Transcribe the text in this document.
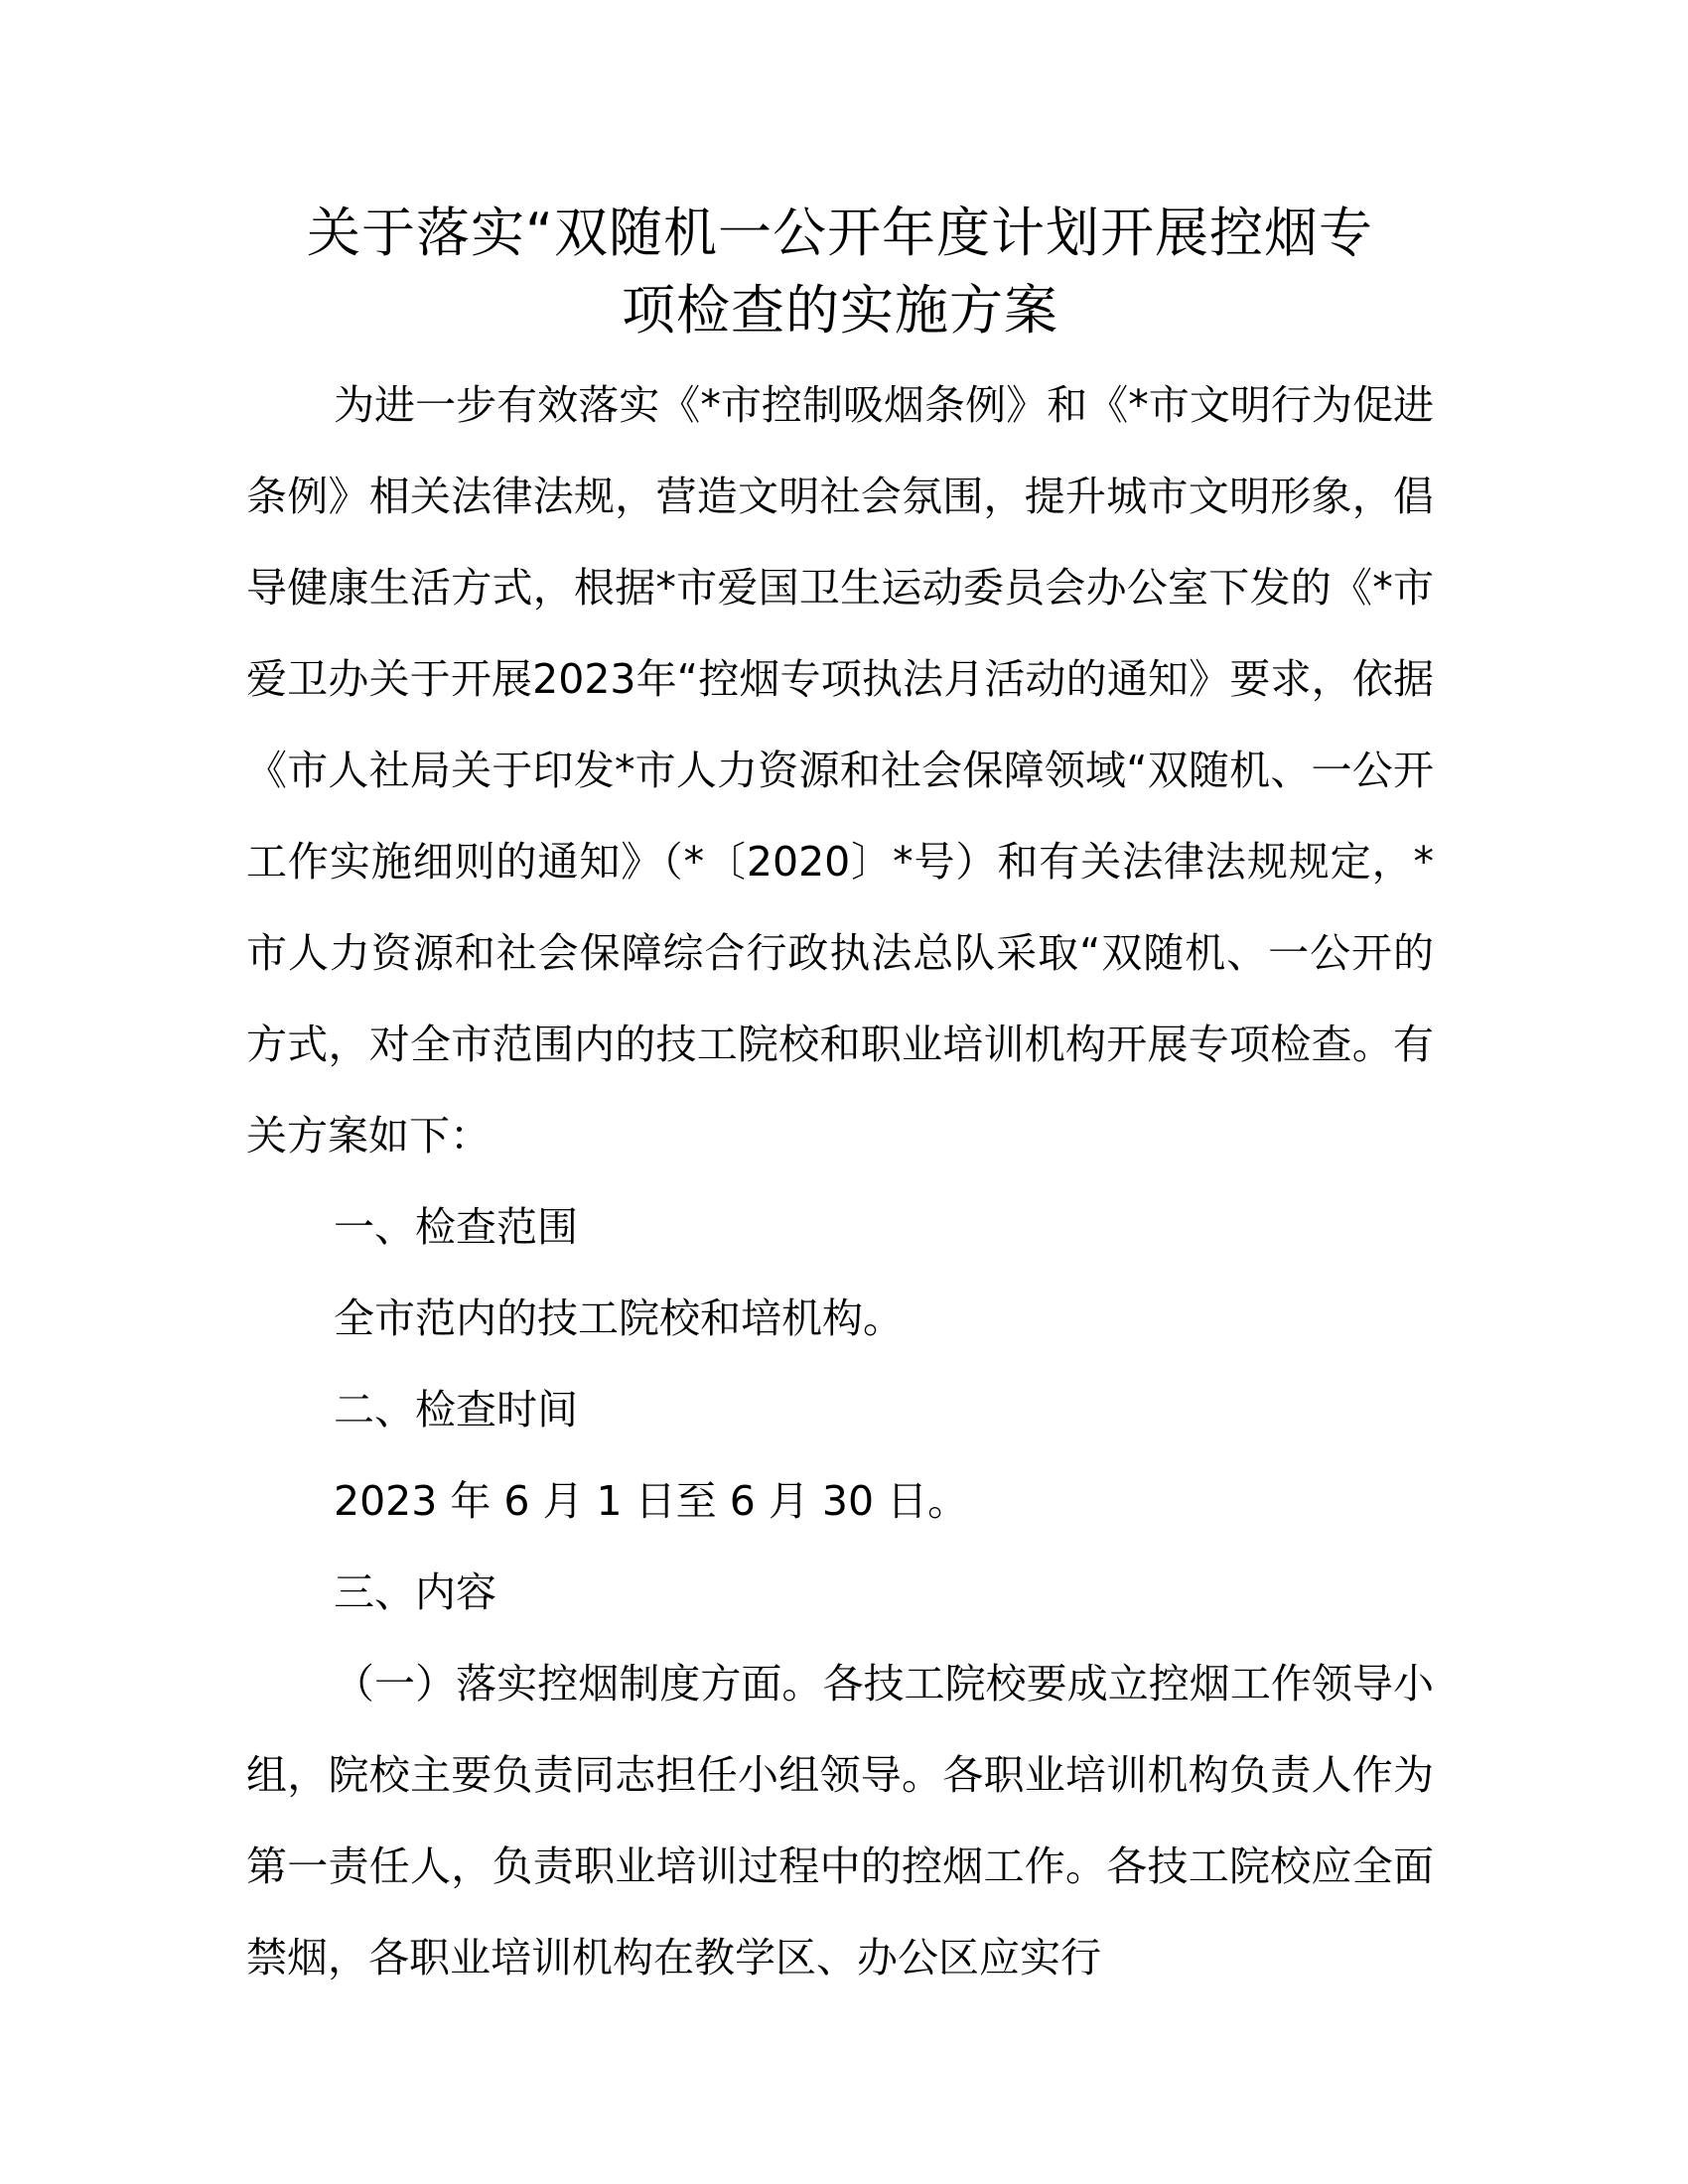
关于落实“双随机一公开年度计划开展控烟专
项检查的实施方案

为进一步有效落实《*市控制吸烟条例》和《*市文明行为促进条例》相关法律法规，营造文明社会氛围，提升城市文明形象，倡导健康生活方式，根据*市爱国卫生运动委员会办公室下发的《*市爱卫办关于开展2023年“控烟专项执法月活动的通知》要求，依据《市人社局关于印发*市人力资源和社会保障领域“双随机、一公开工作实施细则的通知》（*〔2020〕*号）和有关法律法规规定，*市人力资源和社会保障综合行政执法总队采取“双随机、一公开的方式，对全市范围内的技工院校和职业培训机构开展专项检查。有关方案如下：

一、检查范围

全市范内的技工院校和培机构。

二、检查时间

2023 年 6 月 1 日至 6 月 30 日。

三、内容

（一）落实控烟制度方面。各技工院校要成立控烟工作领导小组，院校主要负责同志担任小组领导。各职业培训机构负责人作为第一责任人，负责职业培训过程中的控烟工作。各技工院校应全面禁烟，各职业培训机构在教学区、办公区应实行
